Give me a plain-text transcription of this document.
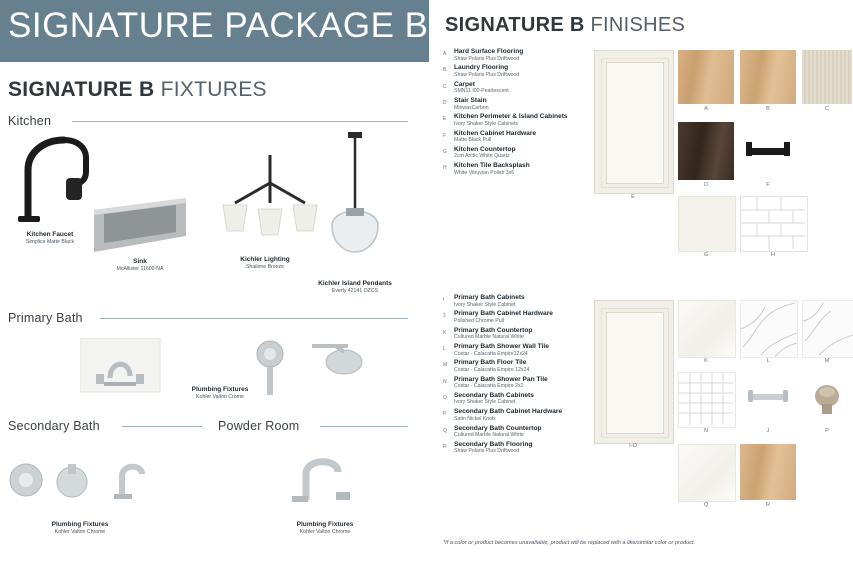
SIGNATURE PACKAGE B
SIGNATURE B FIXTURES
Kitchen
Kitchen Faucet
Simplice Matte Black
Sink
McAllister 11600-NA
Kichler Lighting
Shailene Bronze
Kichler Island Pendants
Everly 42141 OZCS
Primary Bath
Plumbing Fixtures
Kohler Valton Crome
Secondary Bath	Powder Room
Plumbing Fixtures
Kohler Valton Chrome
Plumbing Fixtures
Kohler Valton Chrome
SIGNATURE B FINISHES
A	Hard Surface Flooring
Shaw Polaris Plus Driftwood
B. Laundry Flooring
Shaw Polaris Plus Driftwood
C	Carpet
SMN11 I00-Pearlescent
D	Stair Stain
MinwaxCarbon
E	Kitchen Perimeter & Island Cabinets
Ivory Shaker Style Cabinets
F	Kitchen Cabinet Hardware
Matte Black Pull
G	Kitchen Countertop
2cm Arctic White Quartz
H	Kitchen Tile Backsplash
White Vitruvian Polish 3x6
E
A	B	C
D	F
G	H
I	Primary Bath Cabinets
Ivory Shaker Style Cabinet
J	Primary Bath Cabinet Hardware
Polished Chrome Pull
K	Primary Bath Countertop
Cultured Marble Natural White
L	Primary Bath Shower Wall Tile
Costar - Calacatta Empire12x24
M	Primary Bath Floor Tile
Costar - Calacatta Empire 12x24
N	Primary Bath Shower Pan Tile
Costar - Calacatta Empire 2x2
O	Secondary Bath Cabinets
Ivory Shaker Style Cabinet
P	Secondary Bath Cabinet Hardware
Satin Nickel Knob
Q	Secondary Bath Countertop
Cultured Marble Natural White
R	Secondary Bath Flooring
Shaw Polaris Plus Driftwood
I-O
K	L	M
N	J	P
Q	R
*If a color or product becomes unavailable, product will be replaced with a like/similar color or product.
